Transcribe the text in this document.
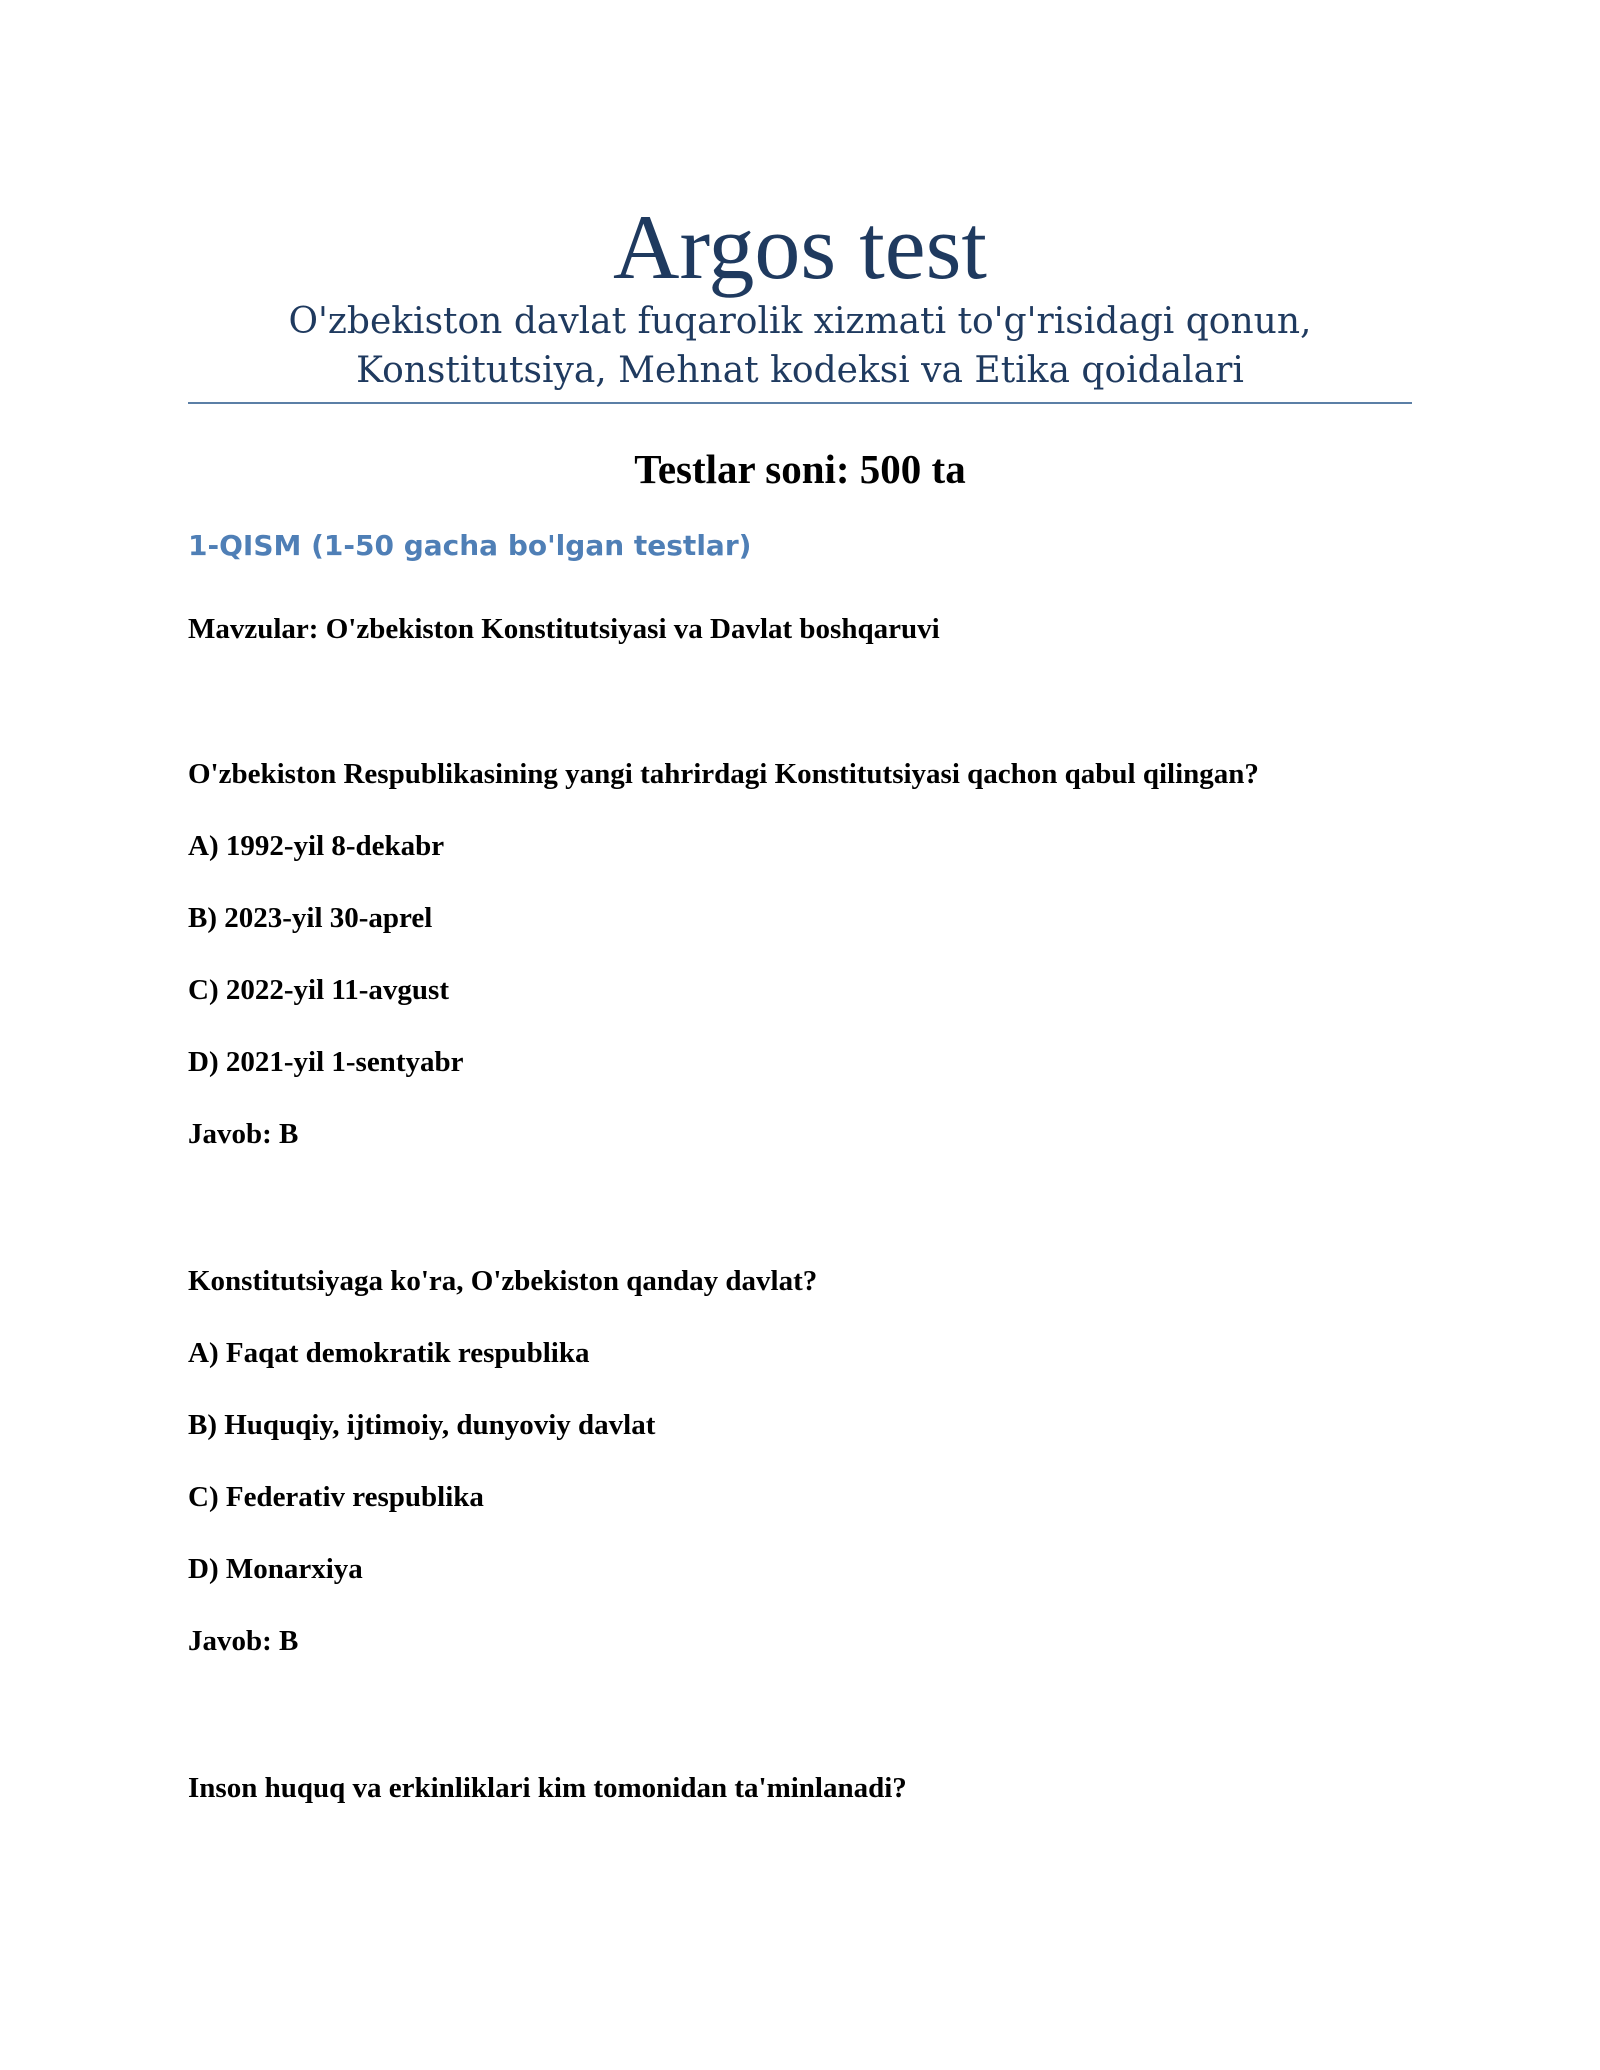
Argos test
O'zbekiston davlat fuqarolik xizmati to'g'risidagi qonun,
Konstitutsiya, Mehnat kodeksi va Etika qoidalari
Testlar soni: 500 ta
1-QISM (1-50 gacha bo'lgan testlar)
Mavzular: O'zbekiston Konstitutsiyasi va Davlat boshqaruvi
O'zbekiston Respublikasining yangi tahrirdagi Konstitutsiyasi qachon qabul qilingan?
A) 1992-yil 8-dekabr
B) 2023-yil 30-aprel
C) 2022-yil 11-avgust
D) 2021-yil 1-sentyabr
Javob: B
Konstitutsiyaga ko'ra, O'zbekiston qanday davlat?
A) Faqat demokratik respublika
B) Huquqiy, ijtimoiy, dunyoviy davlat
C) Federativ respublika
D) Monarxiya
Javob: B
Inson huquq va erkinliklari kim tomonidan ta'minlanadi?
